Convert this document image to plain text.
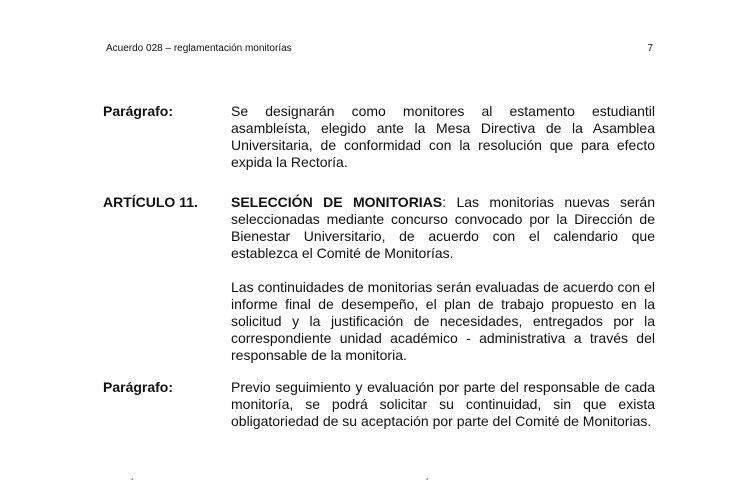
Acuerdo 028 – reglamentación monitorías	7
Parágrafo:	Se designarán como monitores al estamento estudiantil asambleísta, elegido ante la Mesa Directiva de la Asamblea Universitaria, de conformidad con la resolución que para efecto expida la Rectoría.

ARTÍCULO 11. SELECCIÓN DE MONITORIAS: Las monitorias nuevas serán seleccionadas mediante concurso convocado por la Dirección de Bienestar Universitario, de acuerdo con el calendario que establezca el Comité de Monitorías.

Las continuidades de monitorias serán evaluadas de acuerdo con el informe final de desempeño, el plan de trabajo propuesto en la solicitud y la justificación de necesidades, entregados por la correspondiente unidad académico - administrativa a través del responsable de la monitoria.

Parágrafo:	Previo seguimiento y evaluación por parte del responsable de cada monitoría, se podrá solicitar su continuidad, sin que exista obligatoriedad de su aceptación por parte del Comité de Monitorias.

´	´
